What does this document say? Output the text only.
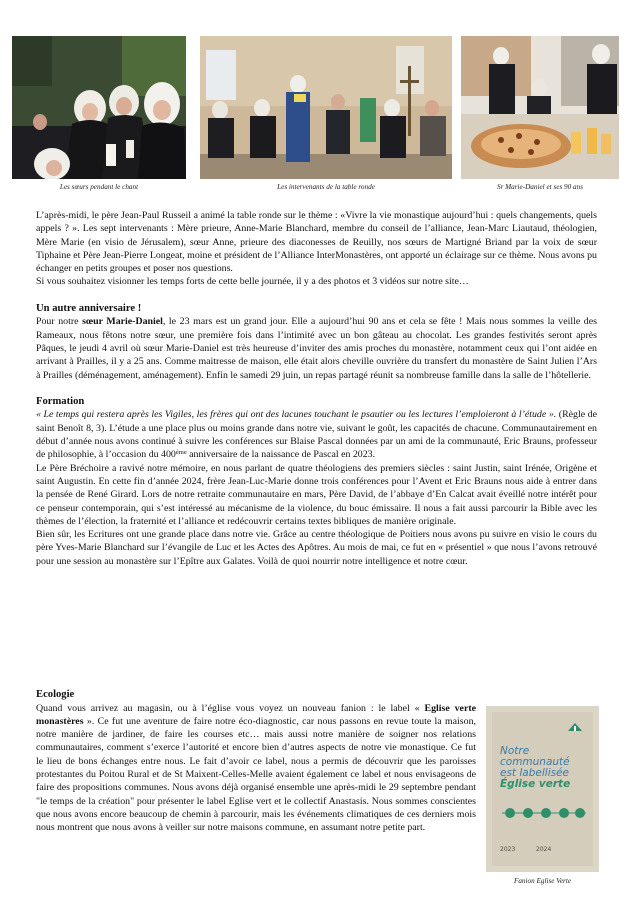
Les sœurs pendant le chant	Les intervenants de la table ronde	Sr Marie-Daniel et ses 90 ans

L’après-midi, le père Jean-Paul Russeil a animé la table ronde sur le thème : «Vivre la vie monastique aujourd’hui : quels changements, quels appels ? ». Les sept intervenants : Mère prieure, Anne-Marie Blanchard, membre du conseil de l’alliance, Jean-Marc Liautaud, théologien, Mère Marie (en visio de Jérusalem), sœur Anne, prieure des diaconesses de Reuilly, nos sœurs de Martigné Briand par la voix de sœur Tiphaine et Père Jean-Pierre Longeat, moine et président de l’Alliance InterMonastères, ont apporté un éclairage sur ce thème. Nous avons pu échanger en petits groupes et poser nos questions.

Si vous souhaitez visionner les temps forts de cette belle journée, il y a des photos et 3 vidéos sur notre site…

Un autre anniversaire !

Pour notre sœur Marie-Daniel, le 23 mars est un grand jour. Elle a aujourd’hui 90 ans et cela se fête ! Mais nous sommes la veille des Rameaux, nous fêtons notre sœur, une première fois dans l’intimité avec un bon gâteau au chocolat. Les grandes festivités seront après Pâques, le jeudi 4 avril où sœur Marie-Daniel est très heureuse d’inviter des amis proches du monastère, notamment ceux qui l’ont aidée en arrivant à Prailles, il y a 25 ans. Comme maitresse de maison, elle était alors cheville ouvrière du transfert du monastère de Saint Julien l’Ars à Prailles (déménagement, aménagement). Enfin le samedi 29 juin, un repas partagé réunit sa nombreuse famille dans la salle de l’hôtellerie.

Formation

« Le temps qui restera après les Vigiles, les frères qui ont des lacunes touchant le psautier ou les lectures l’emploieront à l’étude ». (Règle de saint Benoît 8, 3). L’étude a une place plus ou moins grande dans notre vie, suivant le goût, les capacités de chacune. Communautairement en début d’année nous avons continué à suivre les conférences sur Blaise Pascal données par un ami de la communauté, Eric Brauns, professeur de philosophie, à l’occasion du 400ème anniversaire de la naissance de Pascal en 2023.

Le Père Bréchoire a ravivé notre mémoire, en nous parlant de quatre théologiens des premiers siècles : saint Justin, saint Irénée, Origène et saint Augustin. En cette fin d’année 2024, frère Jean-Luc-Marie donne trois conférences pour l’Avent et Eric Brauns nous aide à entrer dans la pensée de René Girard. Lors de notre retraite communautaire en mars, Père David, de l’abbaye d’En Calcat avait éveillé notre intérêt pour ce penseur contemporain, qui s’est intéressé au mécanisme de la violence, du bouc émissaire. Il nous a fait aussi parcourir la Bible avec les thèmes de l’élection, la fraternité et l’alliance et redécouvrir certains textes bibliques de manière originale.

Bien sûr, les Ecritures ont une grande place dans notre vie. Grâce au centre théologique de Poitiers nous avons pu suivre en visio le cours du père Yves-Marie Blanchard sur l’évangile de Luc et les Actes des Apôtres. Au mois de mai, ce fut en « présentiel » que nous l’avons retrouvé pour une session au monastère sur l’Epître aux Galates. Voilà de quoi nourrir notre intelligence et notre cœur.

Ecologie

Quand vous arrivez au magasin, ou à l’église vous voyez un nouveau fanion : le label « Eglise verte monastères ». Ce fut une aventure de faire notre éco-diagnostic, car nous passons en revue toute la maison, notre manière de jardiner, de faire les courses etc… mais aussi notre manière de soigner nos relations communautaires, comment s’exerce l’autorité et encore bien d’autres aspects de notre vie monastique. Ce fut le lieu de bons échanges entre nous. Le fait d’avoir ce label, nous a permis de découvrir que les paroisses protestantes du Poitou Rural et de St Maixent-Celles-Melle avaient également ce label et nous envisageons de faire des propositions communes. Nous avons déjà organisé ensemble une après-midi le 29 septembre pendant "le temps de la création" pour présenter le label Eglise vert et le collectif Anastasis. Nous sommes conscientes que nous avons encore beaucoup de chemin à parcourir, mais les événements climatiques de ces derniers mois nous montrent que nous avons à veiller sur notre maisons commune, en assumant notre petite part.

Notre
communauté
est labellisée
Église verte
2023	2024
Fanion Eglise Verte
